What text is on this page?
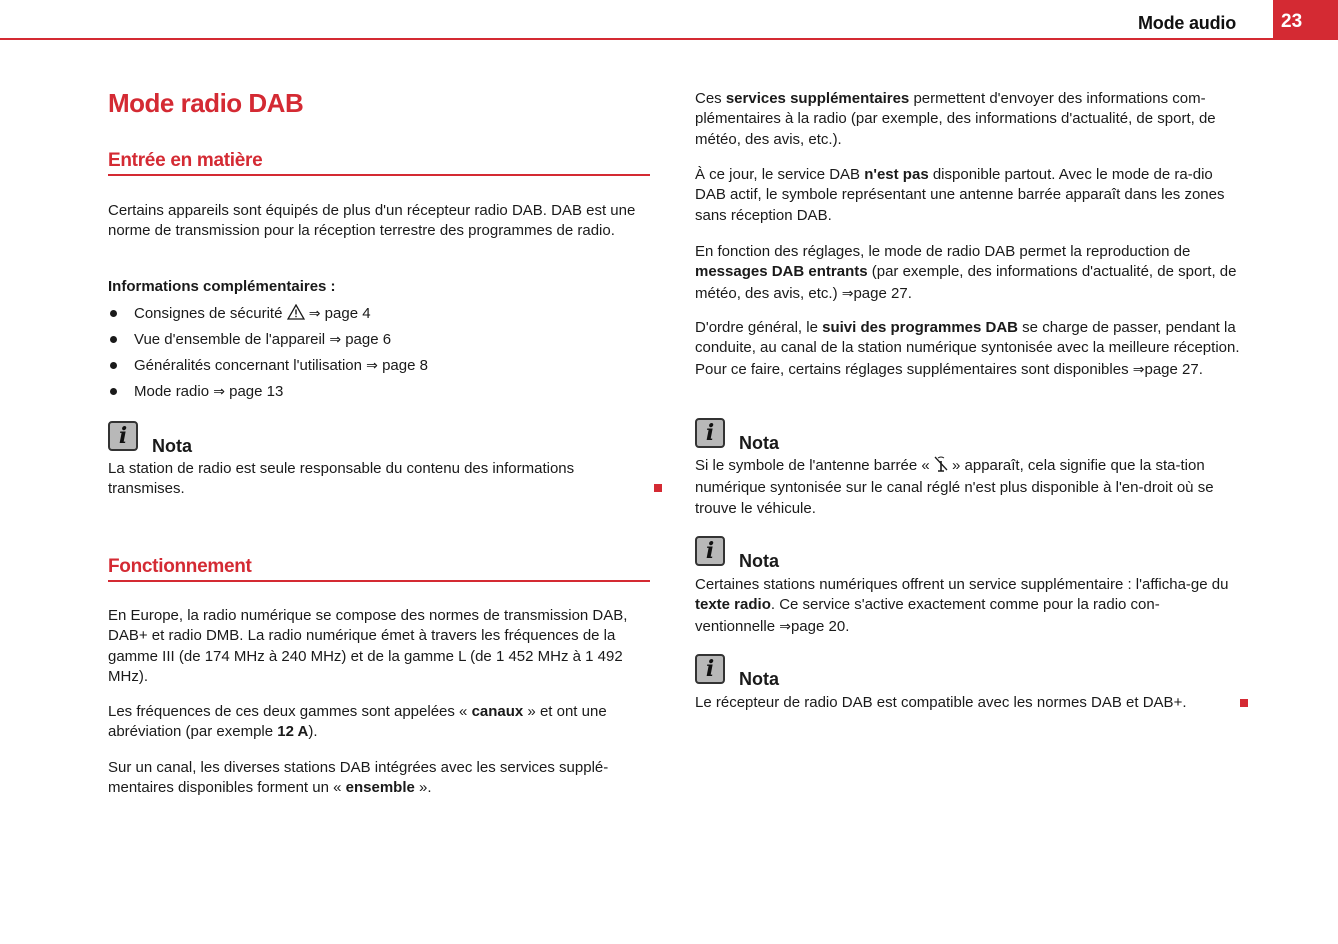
Mode audio	23
Mode radio DAB
Entrée en matière

Certains appareils sont équipés de plus d'un récepteur radio DAB. DAB est une norme de transmission pour la réception terrestre des programmes de radio.

Informations complémentaires :

Consignes de sécurité ⇒ page 4
Vue d'ensemble de l'appareil ⇒ page 6
Généralités concernant l'utilisation ⇒ page 8
Mode radio ⇒ page 13
i	Nota

La station de radio est seule responsable du contenu des informations transmises.

Fonctionnement

En Europe, la radio numérique se compose des normes de transmission DAB, DAB+ et radio DMB. La radio numérique émet à travers les fréquences de la gamme III (de 174 MHz à 240 MHz) et de la gamme L (de 1 452 MHz à 1 492 MHz).

Les fréquences de ces deux gammes sont appelées « canaux » et ont une abréviation (par exemple 12 A).

Sur un canal, les diverses stations DAB intégrées avec les services supplé-mentaires disponibles forment un « ensemble ».

Ces services supplémentaires permettent d'envoyer des informations com-plémentaires à la radio (par exemple, des informations d'actualité, de sport, de météo, des avis, etc.).

À ce jour, le service DAB n'est pas disponible partout. Avec le mode de ra-dio DAB actif, le symbole représentant une antenne barrée apparaît dans les zones sans réception DAB.

En fonction des réglages, le mode de radio DAB permet la reproduction de messages DAB entrants (par exemple, des informations d'actualité, de sport, de météo, des avis, etc.) ⇒page 27.

D'ordre général, le suivi des programmes DAB se charge de passer, pendant la conduite, au canal de la station numérique syntonisée avec la meilleure réception. Pour ce faire, certains réglages supplémentaires sont disponibles ⇒page 27.

i	Nota

Si le symbole de l'antenne barrée «  » apparaît, cela signifie que la sta-tion numérique syntonisée sur le canal réglé n'est plus disponible à l'en-droit où se trouve le véhicule.

i	Nota

Certaines stations numériques offrent un service supplémentaire : l'afficha-ge du texte radio. Ce service s'active exactement comme pour la radio con-ventionnelle ⇒page 20.

i	Nota

Le récepteur de radio DAB est compatible avec les normes DAB et DAB+.
